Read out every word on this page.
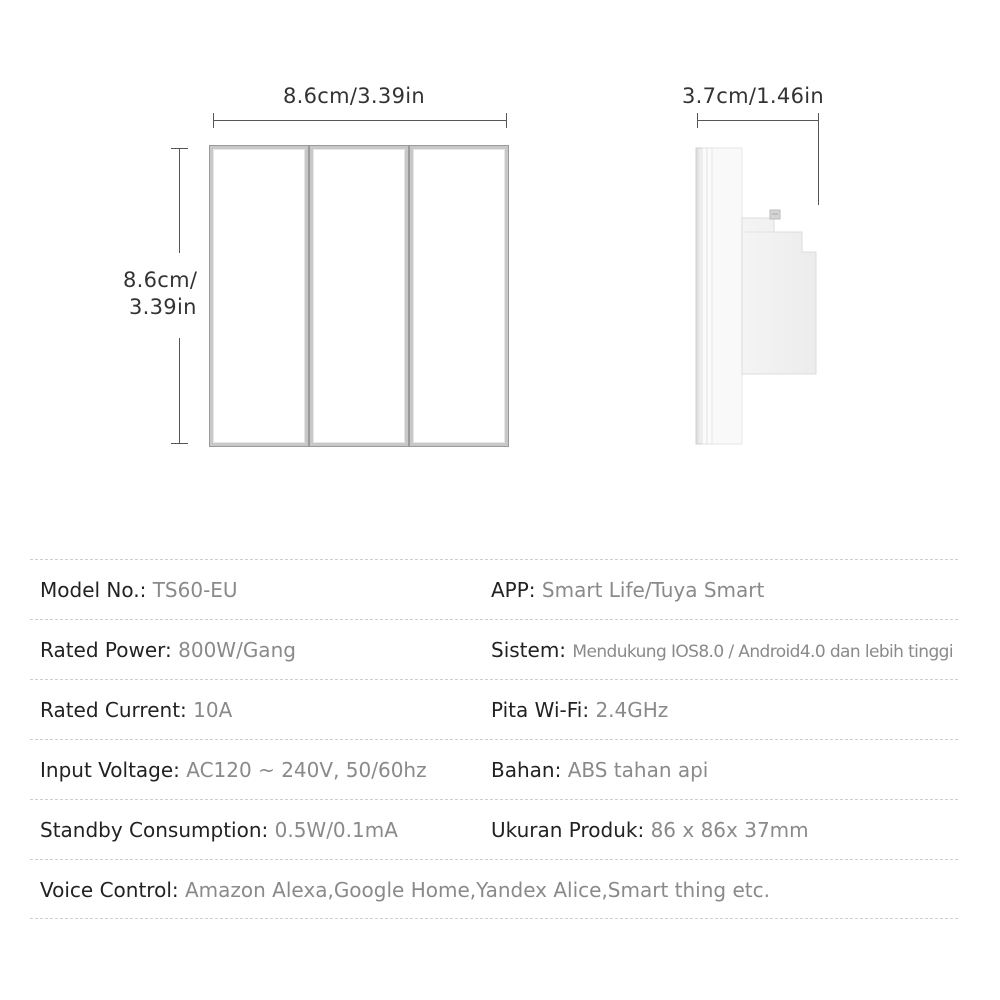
8.6cm/3.39in
8.6cm/
3.39in
3.7cm/1.46in
Model No.: TS60-EU	APP: Smart Life/Tuya Smart
Rated Power: 800W/Gang	Sistem: Mendukung IOS8.0 / Android4.0 dan lebih tinggi
Rated Current: 10A	Pita Wi-Fi: 2.4GHz
Input Voltage: AC120 ~ 240V, 50/60hz	Bahan: ABS tahan api
Standby Consumption: 0.5W/0.1mA	Ukuran Produk: 86 x 86x 37mm
Voice Control: Amazon Alexa,Google Home,Yandex Alice,Smart thing etc.
